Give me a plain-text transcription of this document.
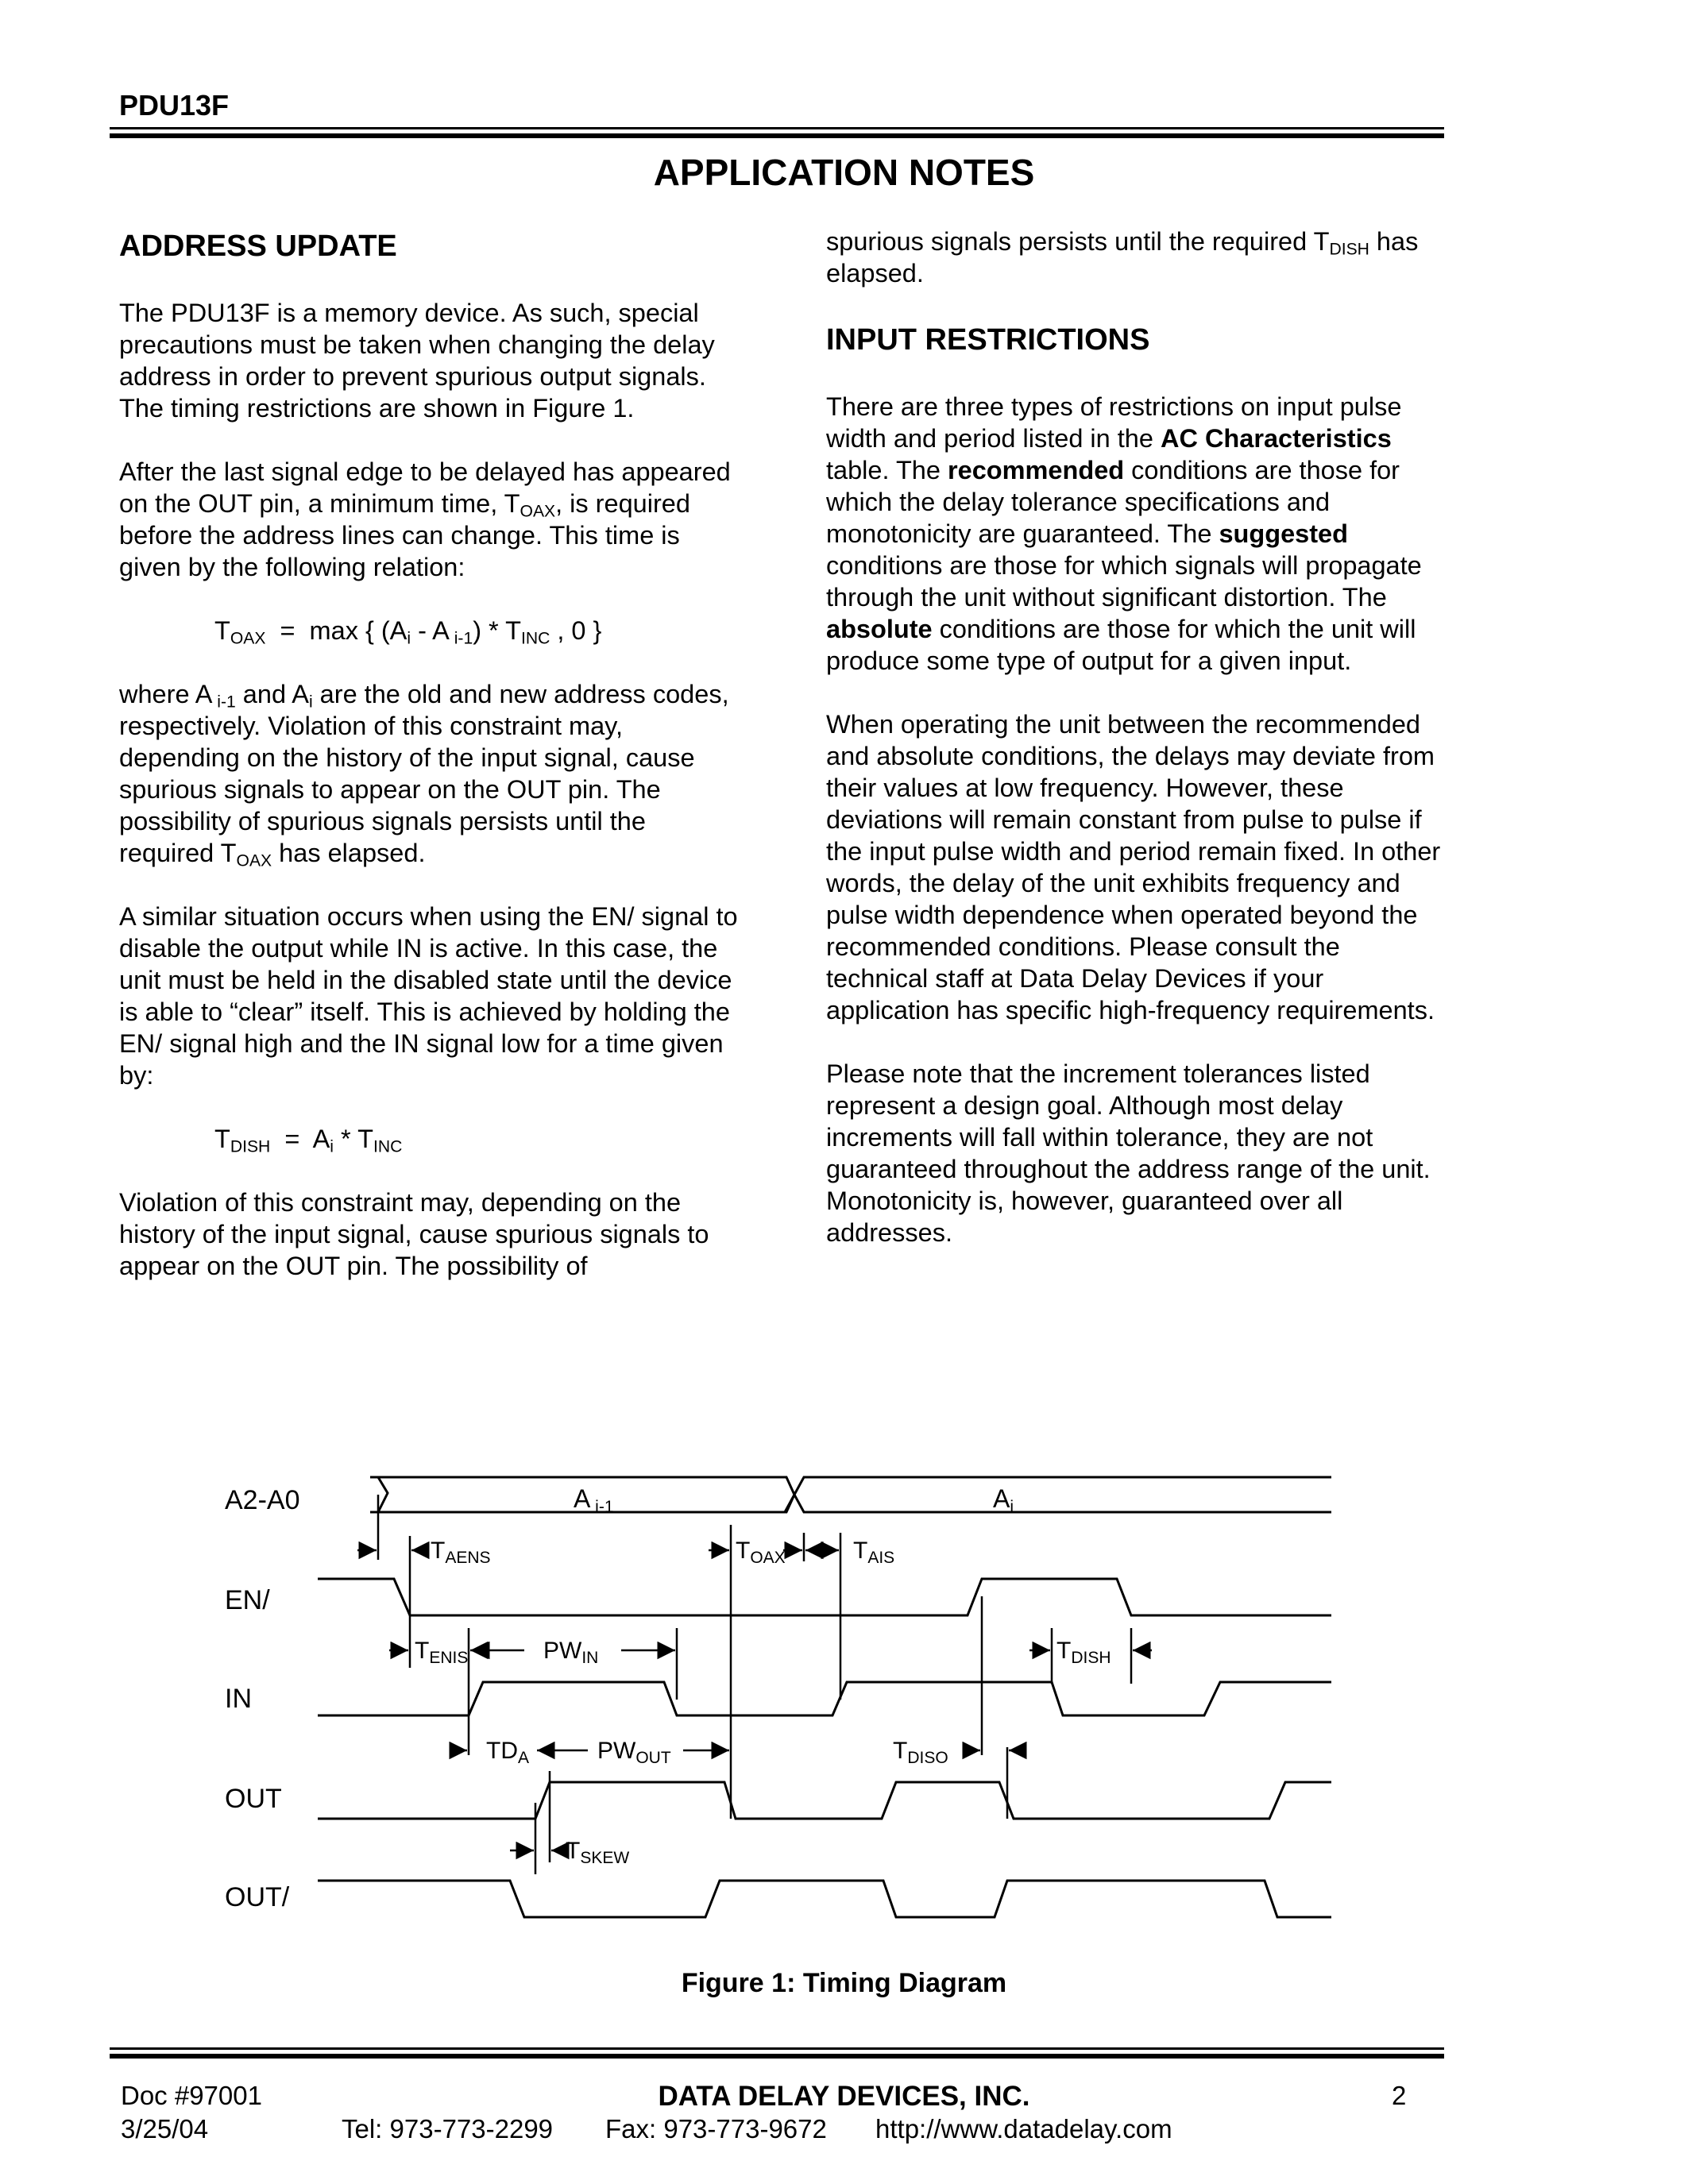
PDU13F
APPLICATION NOTES
ADDRESS UPDATE

The PDU13F is a memory device. As such, special precautions must be taken when changing the delay address in order to prevent spurious output signals. The timing restrictions are shown in Figure 1.

After the last signal edge to be delayed has appeared on the OUT pin, a minimum time, $T_{OAX}$, is required before the address lines can change. This time is given by the following relation:

$T_{OAX} = \max$ { ($A_i$ - A $_{i-1}) * T_{INC}$ , 0 }

where A $_{i-1}$ and $A_i$ are the old and new address codes, respectively. Violation of this constraint may, depending on the history of the input signal, cause spurious signals to appear on the OUT pin. The possibility of spurious signals persists until the required $T_{OAX}$ has elapsed.

A similar situation occurs when using the EN/ signal to disable the output while IN is active. In this case, the unit must be held in the disabled state until the device is able to “clear” itself. This is achieved by holding the EN/ signal high and the IN signal low for a time given by:

$T_{DISH} = A_i * T_{INC}$

Violation of this constraint may, depending on the history of the input signal, cause spurious signals to appear on the OUT pin. The possibility of

spurious signals persists until the required $T_{DISH}$ has elapsed.

INPUT RESTRICTIONS

There are three types of restrictions on input pulse width and period listed in the AC Characteristics table. The recommended conditions are those for which the delay tolerance specifications and monotonicity are guaranteed. The suggested conditions are those for which signals will propagate through the unit without significant distortion. The absolute conditions are those for which the unit will produce some type of output for a given input.

When operating the unit between the recommended and absolute conditions, the delays may deviate from their values at low frequency. However, these deviations will remain constant from pulse to pulse if the input pulse width and period remain fixed. In other words, the delay of the unit exhibits frequency and pulse width dependence when operated beyond the recommended conditions. Please consult the technical staff at Data Delay Devices if your application has specific high-frequency requirements.

Please note that the increment tolerances listed represent a design goal. Although most delay increments will fall within tolerance, they are not guaranteed throughout the address range of the unit. Monotonicity is, however, guaranteed over all addresses.

A2-A0
EN/
IN
OUT
OUT/
A i-1	Ai
$T_{AENS}$	$T_{OAX}$	$T_{AIS}$
$T_{ENIS}$	$PW_{IN}$	$T_{DISH}$
$TD_A$	$PW_{OUT}$	$T_{DISO}$
$T_{SKEW}$
Figure 1: Timing Diagram
Doc #97001	DATA DELAY DEVICES, INC.	2
3/25/04	Tel: 973-773-2299 Fax: 973-773-9672 http://www.datadelay.com
